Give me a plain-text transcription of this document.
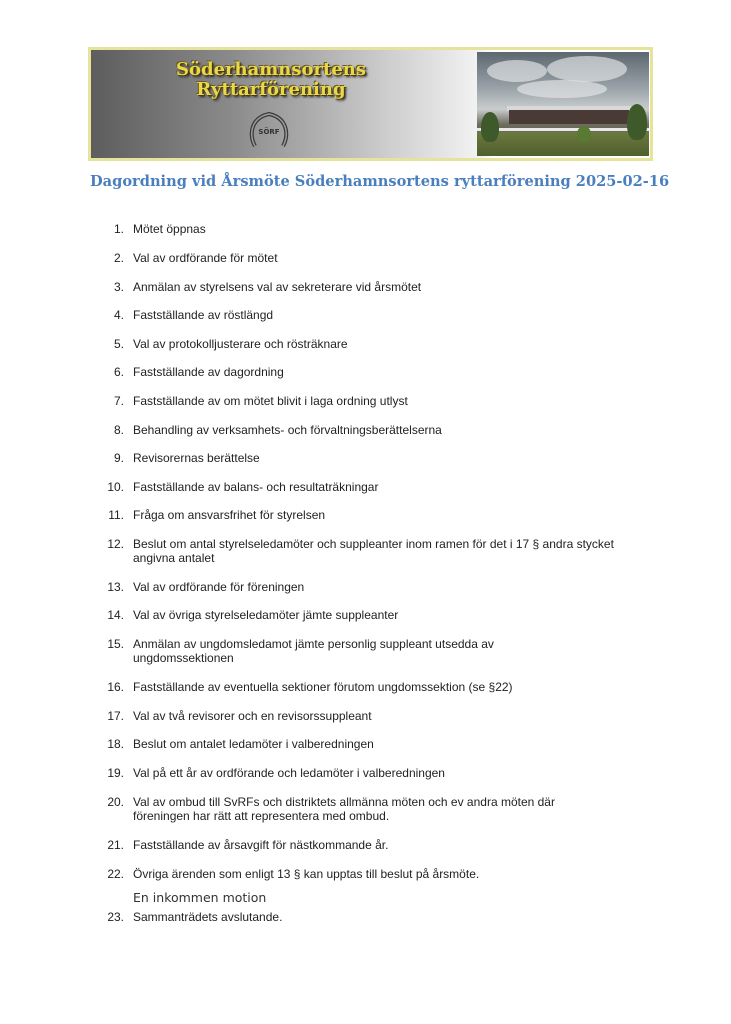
Söderhamnsortens
Ryttarförening
SÖRF
Dagordning vid Årsmöte Söderhamnsortens ryttarförening 2025-02-16
1. Mötet öppnas
2. Val av ordförande för mötet
3. Anmälan av styrelsens val av sekreterare vid årsmötet
4. Fastställande av röstlängd
5. Val av protokolljusterare och rösträknare
6. Fastställande av dagordning
7. Fastställande av om mötet blivit i laga ordning utlyst
8. Behandling av verksamhets- och förvaltningsberättelserna
9. Revisorernas berättelse
10. Fastställande av balans- och resultaträkningar
11. Fråga om ansvarsfrihet för styrelsen
12. Beslut om antal styrelseledamöter och suppleanter inom ramen för det i 17 § andra stycket
angivna antalet
13. Val av ordförande för föreningen
14. Val av övriga styrelseledamöter jämte suppleanter
15. Anmälan av ungdomsledamot jämte personlig suppleant utsedda av
ungdomssektionen
16. Fastställande av eventuella sektioner förutom ungdomssektion (se §22)
17. Val av två revisorer och en revisorssuppleant
18. Beslut om antalet ledamöter i valberedningen
19. Val på ett år av ordförande och ledamöter i valberedningen
20. Val av ombud till SvRFs och distriktets allmänna möten och ev andra möten där
föreningen har rätt att representera med ombud.
21. Fastställande av årsavgift för nästkommande år.
22. Övriga ärenden som enligt 13 § kan upptas till beslut på årsmöte.
23. Sammanträdets avslutande.
En inkommen motion
